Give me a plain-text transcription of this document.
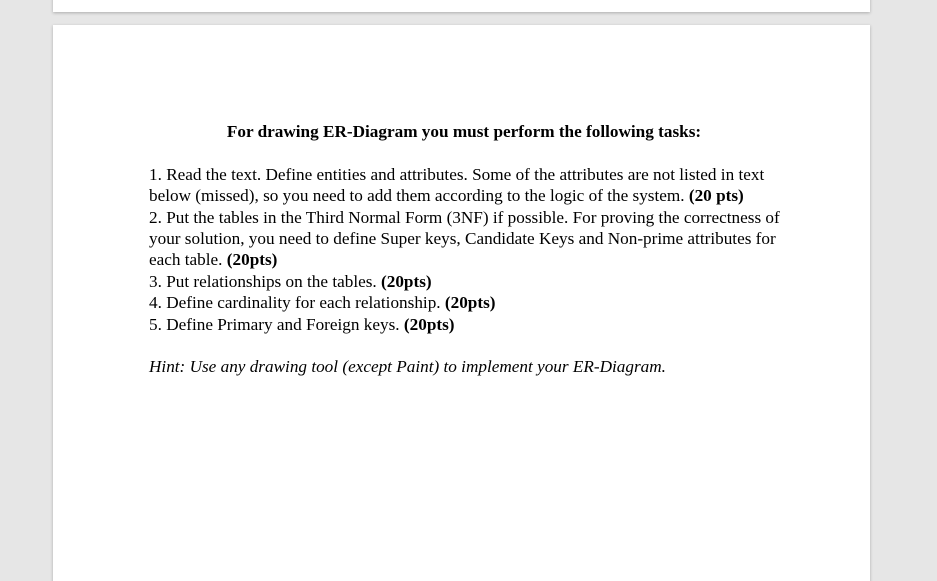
For drawing ER-Diagram you must perform the following tasks:

1. Read the text. Define entities and attributes. Some of the attributes are not listed in text below (missed), so you need to add them according to the logic of the system. (20 pts)

2. Put the tables in the Third Normal Form (3NF) if possible. For proving the correctness of your solution, you need to define Super keys, Candidate Keys and Non-prime attributes for each table. (20pts)

3. Put relationships on the tables. (20pts)

4. Define cardinality for each relationship. (20pts)

5. Define Primary and Foreign keys. (20pts)

Hint: Use any drawing tool (except Paint) to implement your ER-Diagram.
